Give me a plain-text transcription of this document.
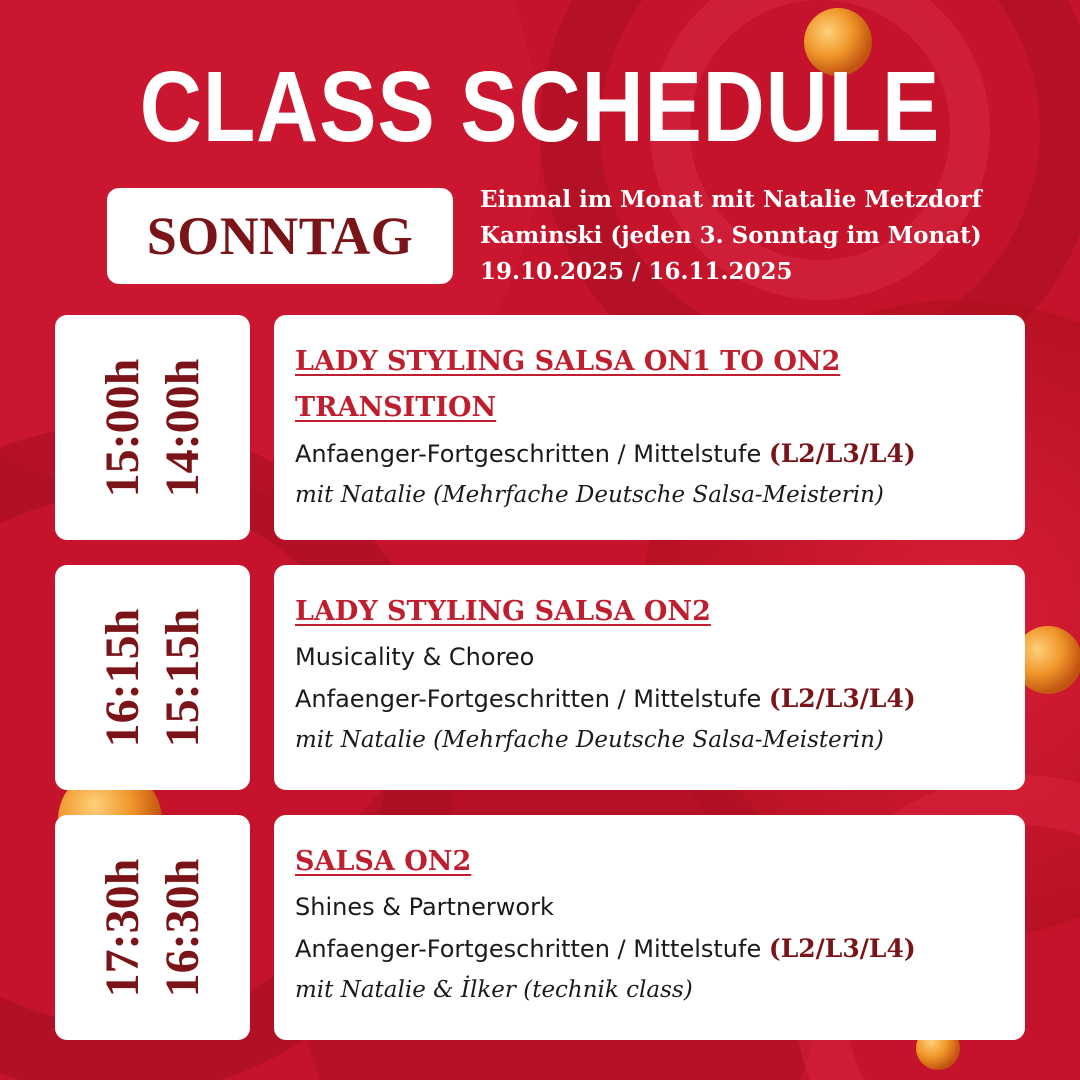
CLASS SCHEDULE
SONNTAG
Einmal im Monat mit Natalie Metzdorf
Kaminski (jeden 3. Sonntag im Monat)
19.10.2025 / 16.11.2025
15:00h 14:00h	LADY STYLING SALSA ON1 TO ON2
TRANSITION
Anfaenger-Fortgeschritten / Mittelstufe (L2/L3/L4)
mit Natalie (Mehrfache Deutsche Salsa-Meisterin)
16:15h 15:15h	LADY STYLING SALSA ON2
Musicality & Choreo
Anfaenger-Fortgeschritten / Mittelstufe (L2/L3/L4)
mit Natalie (Mehrfache Deutsche Salsa-Meisterin)
17:30h 16:30h	SALSA ON2
Shines & Partnerwork
Anfaenger-Fortgeschritten / Mittelstufe (L2/L3/L4)
mit Natalie & İlker (technik class)
